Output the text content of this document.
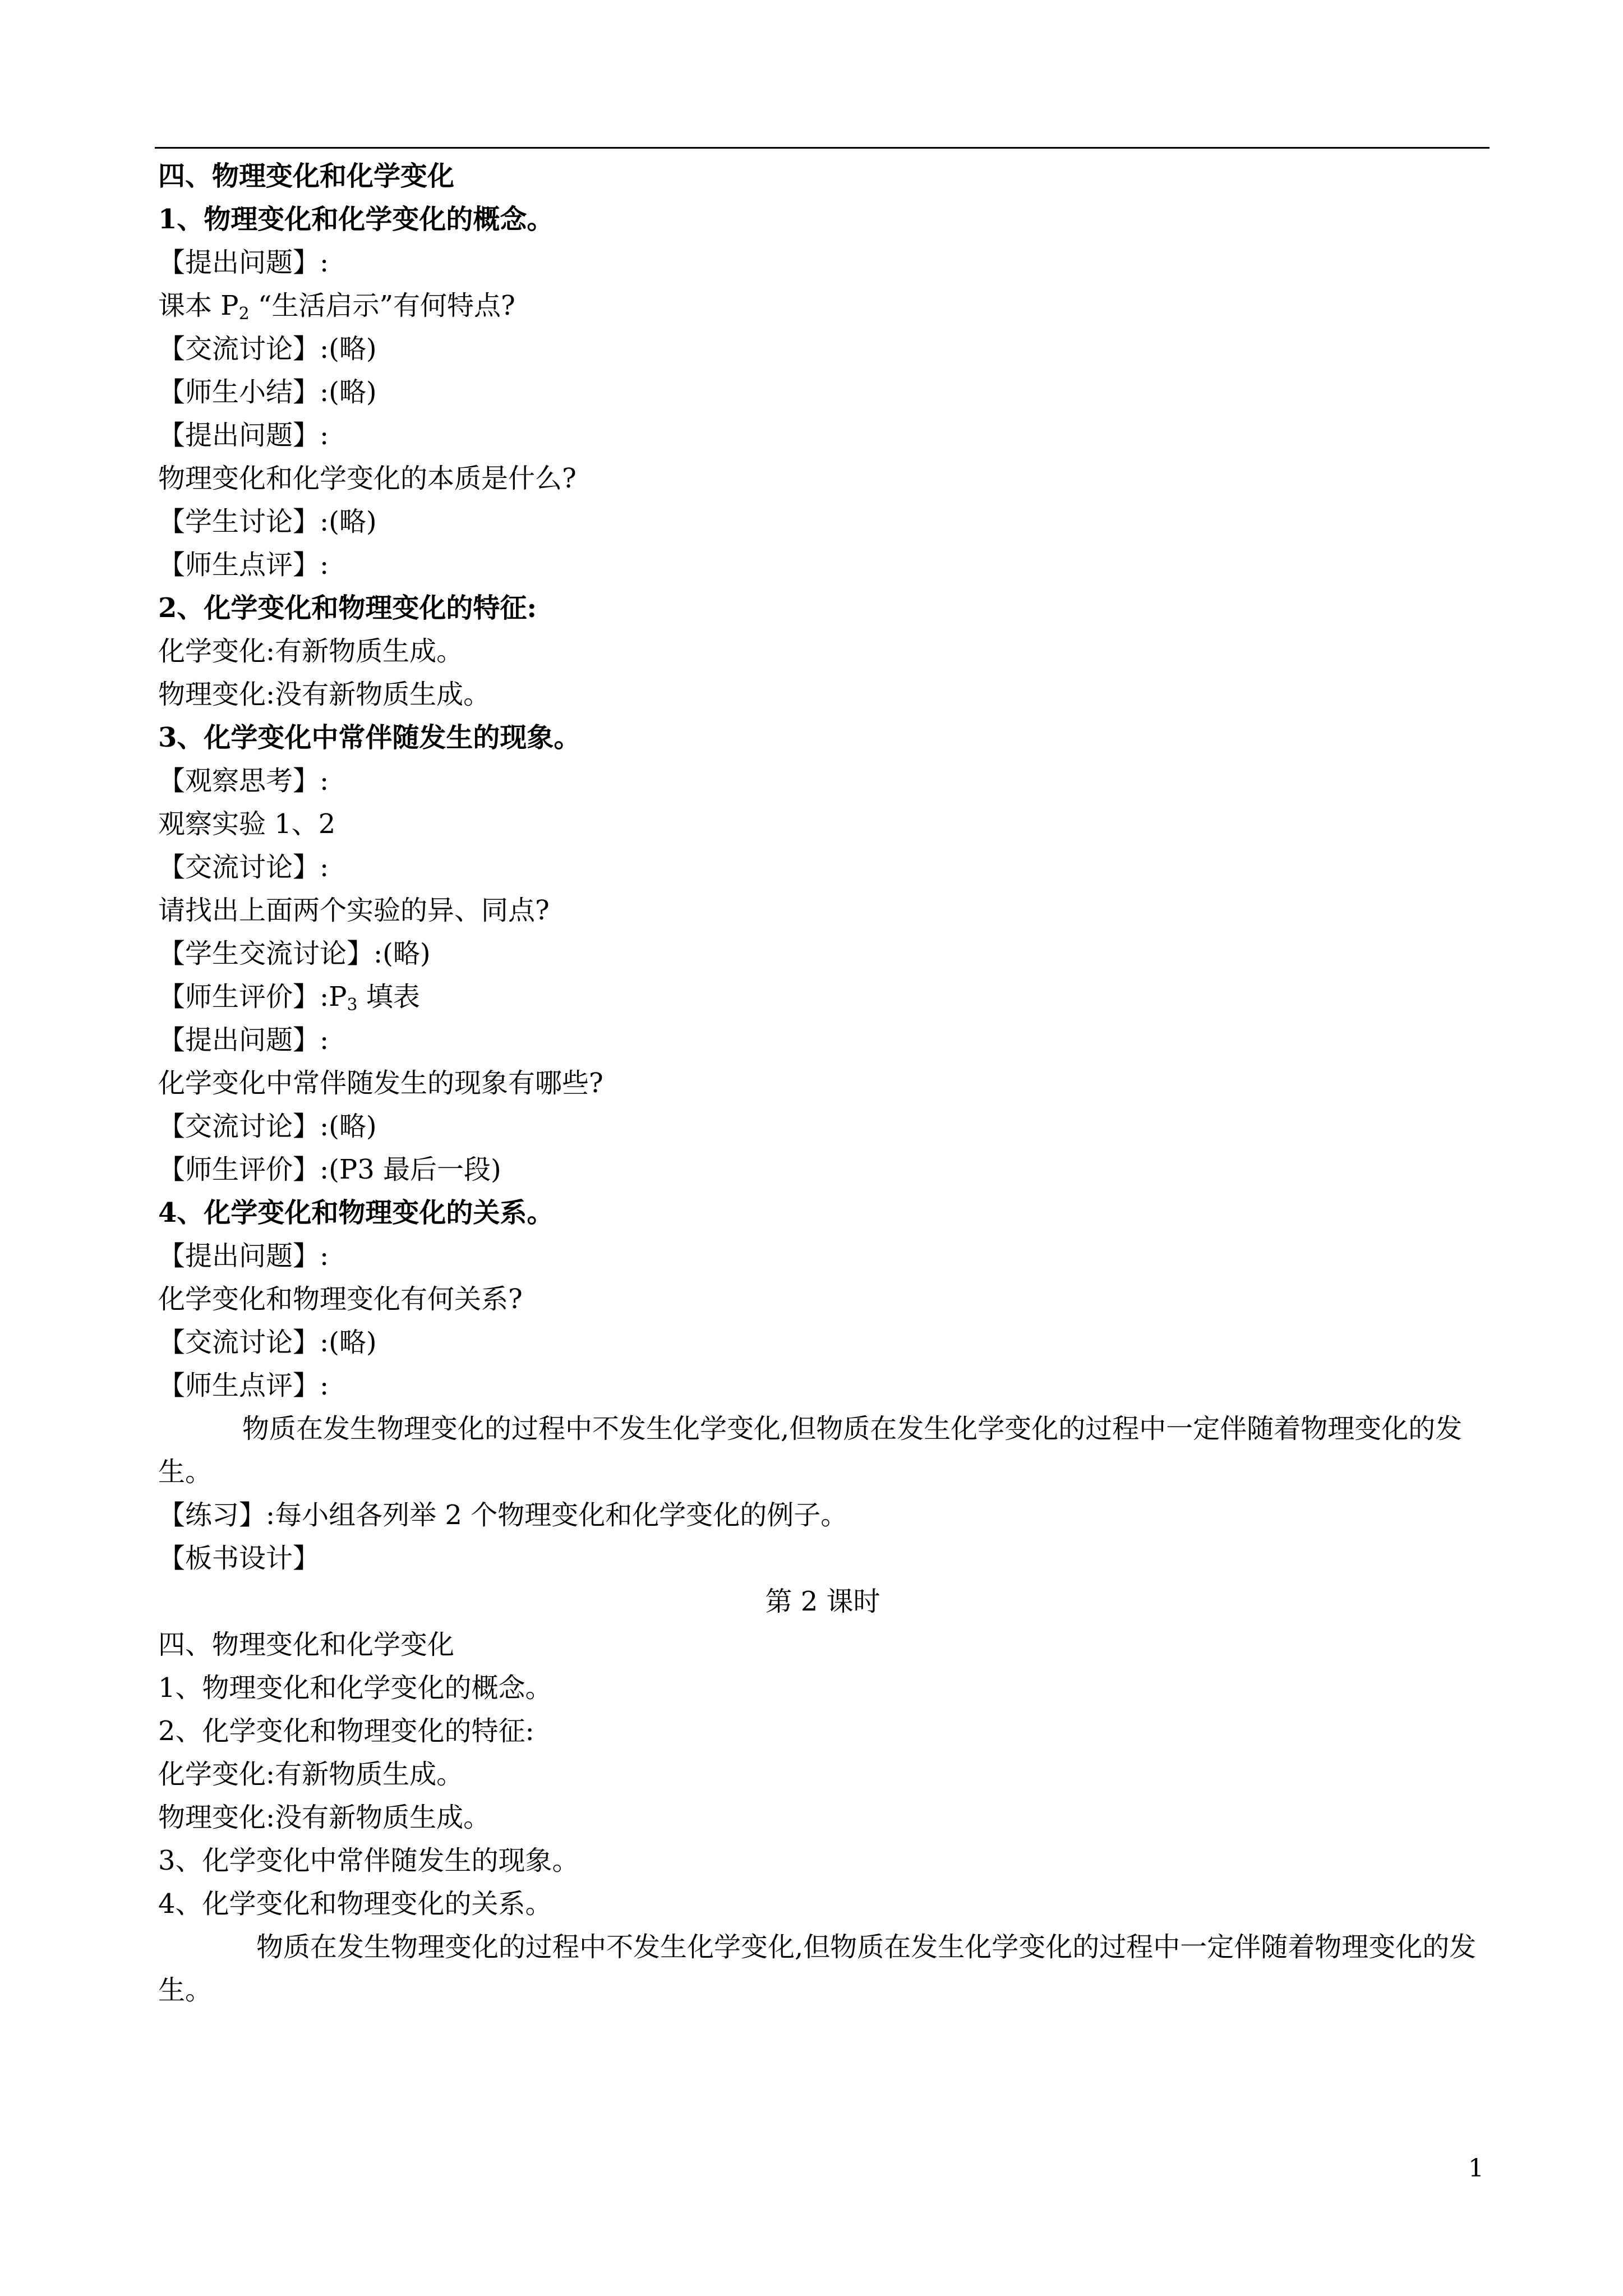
四、物理变化和化学变化

1、物理变化和化学变化的概念。

【提出问题】:

课本 $P_2$ “生活启示”有何特点?

【交流讨论】:(略)

【师生小结】:(略)

【提出问题】:

物理变化和化学变化的本质是什么?

【学生讨论】:(略)

【师生点评】:

2、化学变化和物理变化的特征:

化学变化:有新物质生成。

物理变化:没有新物质生成。

3、化学变化中常伴随发生的现象。

【观察思考】:

观察实验 1、2

【交流讨论】:

请找出上面两个实验的异、同点?

【学生交流讨论】:(略)

【师生评价】$:P_3$ 填表

【提出问题】:

化学变化中常伴随发生的现象有哪些?

【交流讨论】:(略)

【师生评价】:(P3 最后一段)

4、化学变化和物理变化的关系。

【提出问题】:

化学变化和物理变化有何关系?

【交流讨论】:(略)

【师生点评】:

物质在发生物理变化的过程中不发生化学变化,但物质在发生化学变化的过程中一定伴随着物理变化的发生。

【练习】:每小组各列举 2 个物理变化和化学变化的例子。

【板书设计】

第 2 课时

四、物理变化和化学变化

1、物理变化和化学变化的概念。

2、化学变化和物理变化的特征:

化学变化:有新物质生成。

物理变化:没有新物质生成。

3、化学变化中常伴随发生的现象。

4、化学变化和物理变化的关系。

物质在发生物理变化的过程中不发生化学变化,但物质在发生化学变化的过程中一定伴随着物理变化的发生。

1
